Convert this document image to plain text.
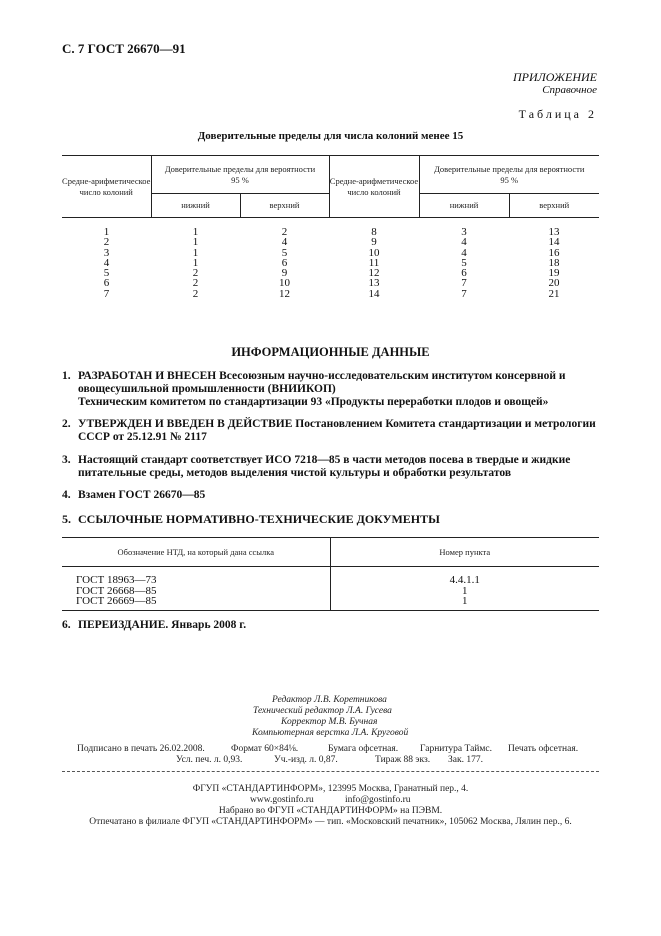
С. 7 ГОСТ 26670—91
ПРИЛОЖЕНИЕ
Справочное
Таблица 2
Доверительные пределы для числа колоний менее 15
Средне-арифметическое число колоний	Доверительные пределы для вероятности 95 %		Средне-арифметическое число колоний	Доверительные пределы для вероятности 95 %	
	нижний	верхний		нижний	верхний

1	1	2	8	3	13
2	1	4	9	4	14
3	1	5	10	4	16
4	1	6	11	5	18
5	2	9	12	6	19
6	2	10	13	7	20
7	2	12	14	7	21
ИНФОРМАЦИОННЫЕ ДАННЫЕ
1. РАЗРАБОТАН И ВНЕСЕН Всесоюзным научно-исследовательским институтом консервной и
овощесушильной промышленности (ВНИИКОП)
Техническим комитетом по стандартизации 93 «Продукты переработки плодов и овощей»
2. УТВЕРЖДЕН И ВВЕДЕН В ДЕЙСТВИЕ Постановлением Комитета стандартизации и метрологии
СССР от 25.12.91 № 2117
3. Настоящий стандарт соответствует ИСО 7218—85 в части методов посева в твердые и жидкие
питательные среды, методов выделения чистой культуры и обработки результатов
4. Взамен ГОСТ 26670—85
5. ССЫЛОЧНЫЕ НОРМАТИВНО-ТЕХНИЧЕСКИЕ ДОКУМЕНТЫ
Обозначение НТД, на который дана ссылка	Номер пункта

ГОСТ 18963—73	4.4.1.1
ГОСТ 26668—85	1
ГОСТ 26669—85	1
6. ПЕРЕИЗДАНИЕ. Январь 2008 г.
Редактор Л.В. Коретникова
Технический редактор Л.А. Гусева
Корректор М.В. Бучная
Компьютерная верстка Л.А. Круговой
Подписано в печать 26.02.2008.	Формат 60×84⅛.	Бумага офсетная. Гарнитура Таймс. Печать офсетная.
Усл. печ. л. 0,93.	Уч.-изд. л. 0,87.	Тираж 88 экз. Зак. 177.
ФГУП «СТАНДАРТИНФОРМ», 123995 Москва, Гранатный пер., 4.
www.gostinfo.ru	info@gostinfo.ru
Набрано во ФГУП «СТАНДАРТИНФОРМ» на ПЭВМ.
Отпечатано в филиале ФГУП «СТАНДАРТИНФОРМ» — тип. «Московский печатник», 105062 Москва, Лялин пер., 6.
